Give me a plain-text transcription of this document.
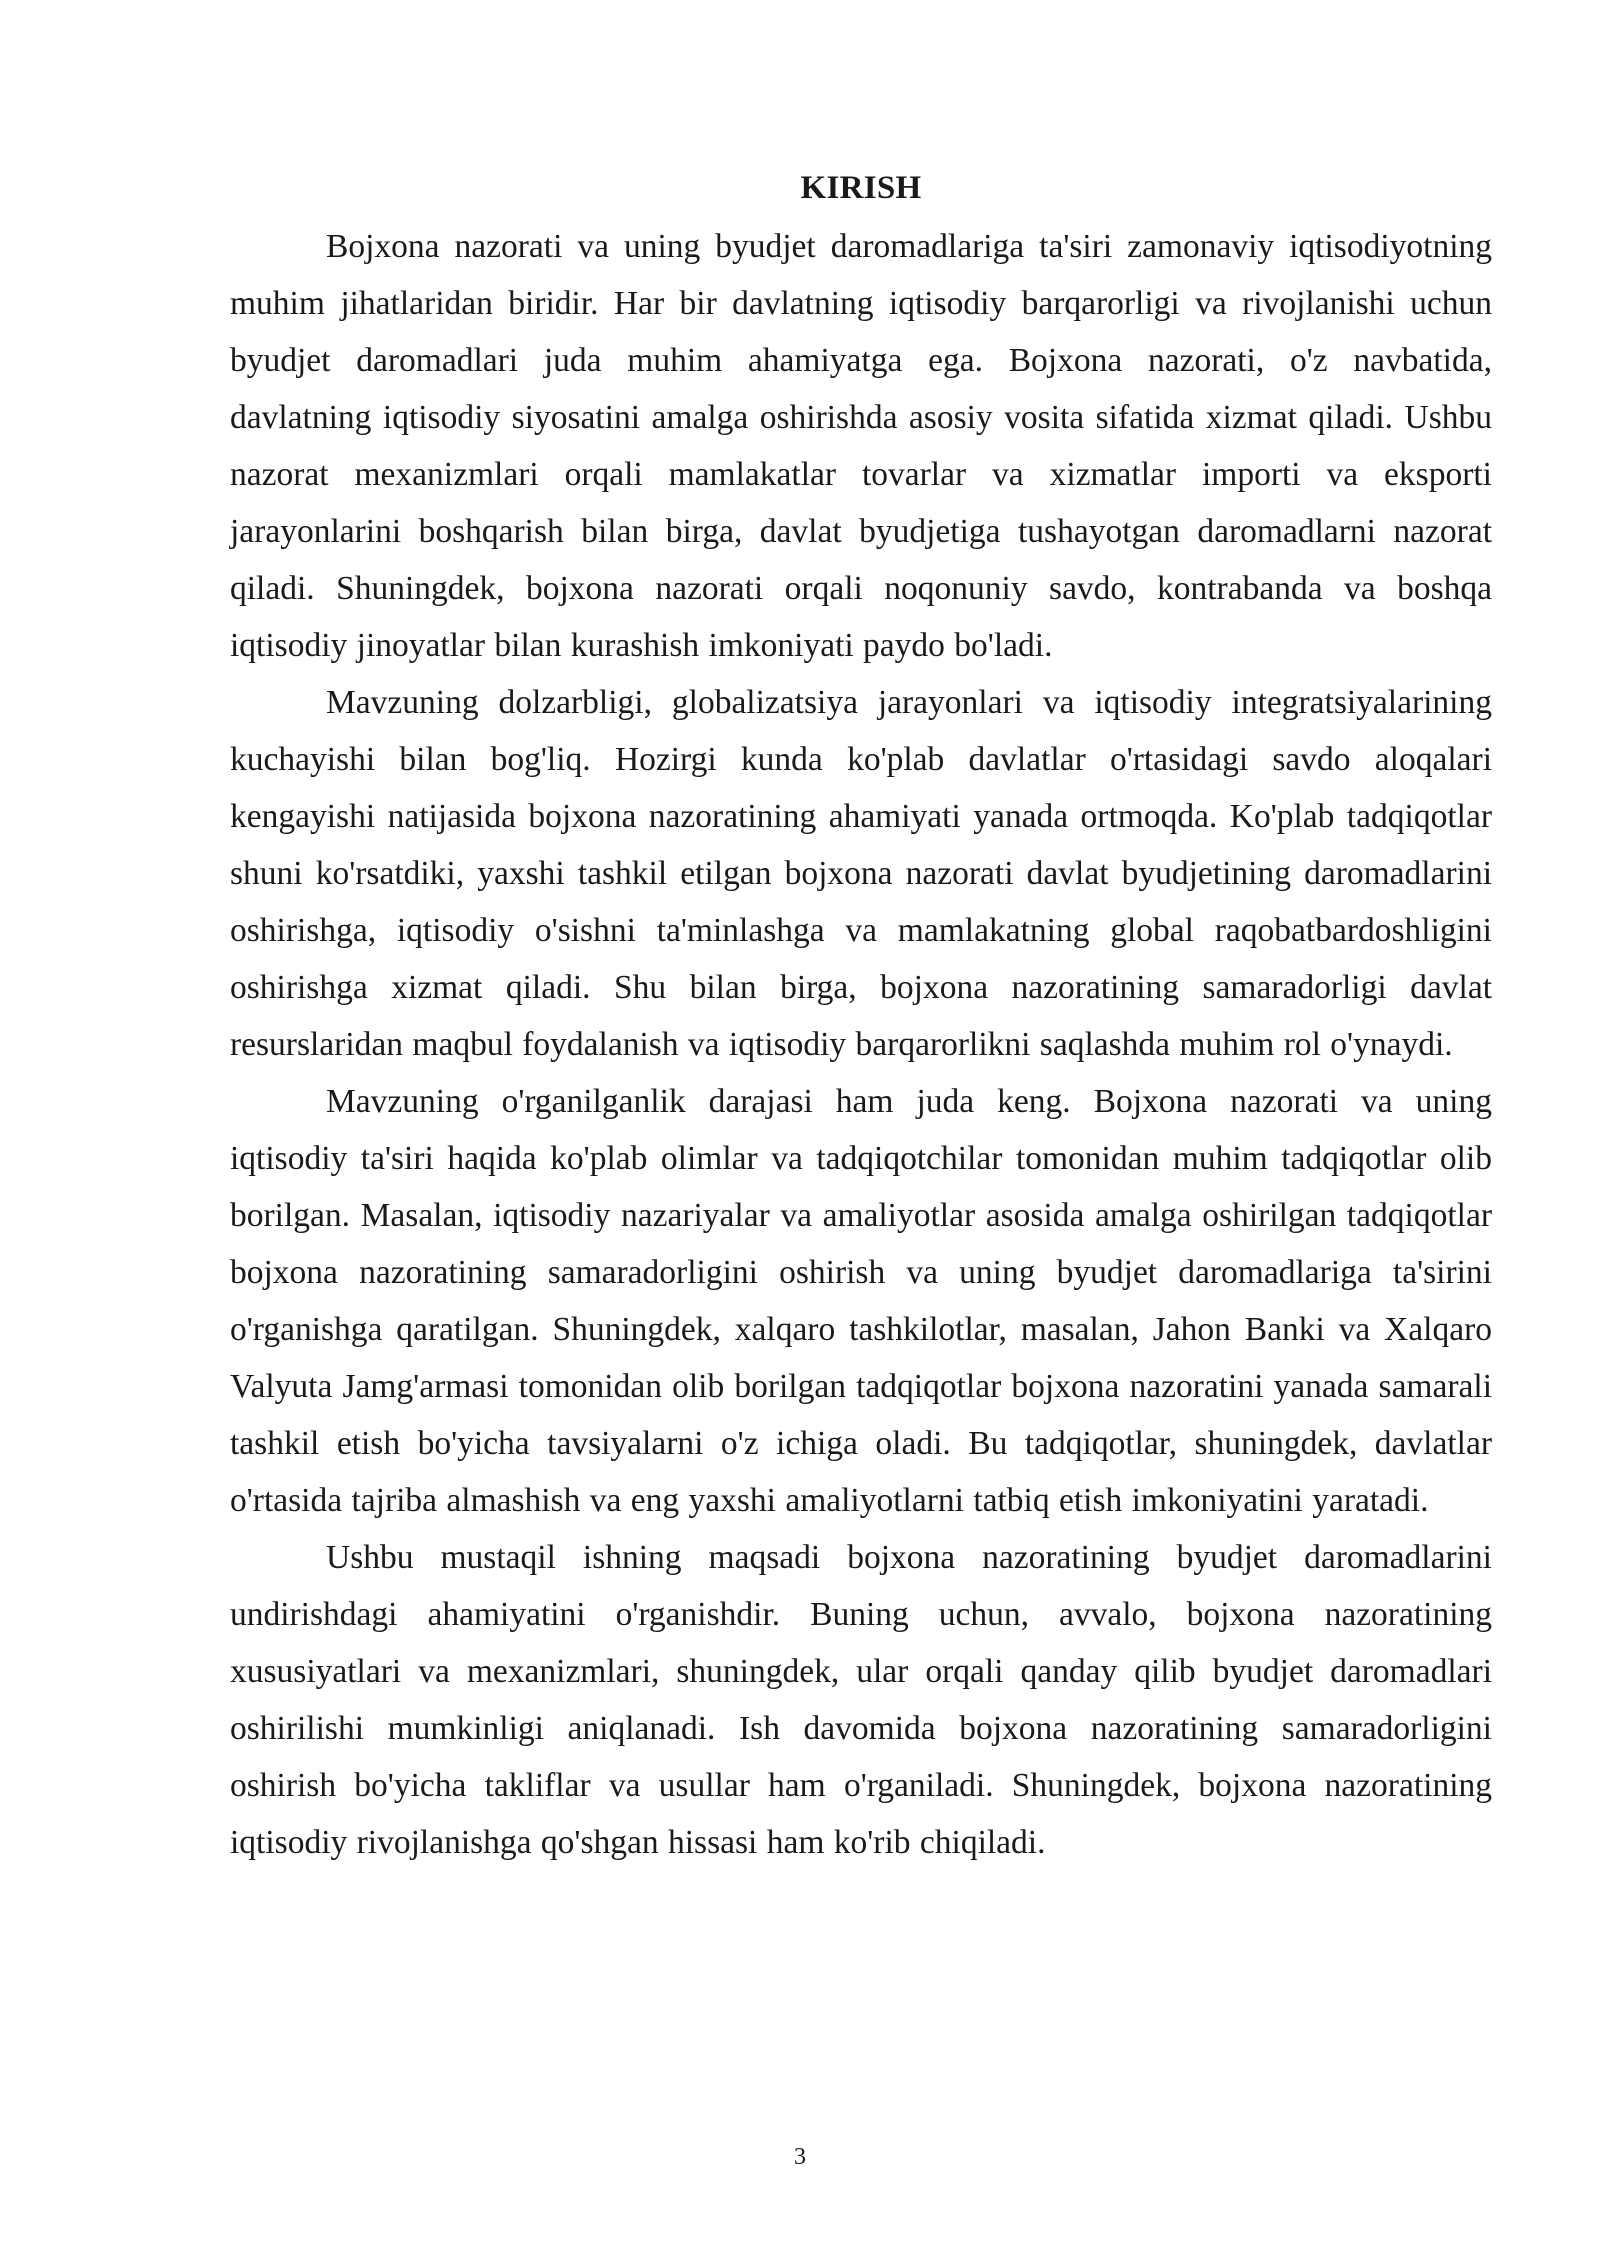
KIRISH

Bojxona nazorati va uning byudjet daromadlariga ta'siri zamonaviy iqtisodiyotning muhim jihatlaridan biridir. Har bir davlatning iqtisodiy barqarorligi va rivojlanishi uchun byudjet daromadlari juda muhim ahamiyatga ega. Bojxona nazorati, o'z navbatida, davlatning iqtisodiy siyosatini amalga oshirishda asosiy vosita sifatida xizmat qiladi. Ushbu nazorat mexanizmlari orqali mamlakatlar tovarlar va xizmatlar importi va eksporti jarayonlarini boshqarish bilan birga, davlat byudjetiga tushayotgan daromadlarni nazorat qiladi. Shuningdek, bojxona nazorati orqali noqonuniy savdo, kontrabanda va boshqa iqtisodiy jinoyatlar bilan kurashish imkoniyati paydo bo'ladi.

Mavzuning dolzarbligi, globalizatsiya jarayonlari va iqtisodiy integratsiyalarining kuchayishi bilan bog'liq. Hozirgi kunda ko'plab davlatlar o'rtasidagi savdo aloqalari kengayishi natijasida bojxona nazoratining ahamiyati yanada ortmoqda. Ko'plab tadqiqotlar shuni ko'rsatdiki, yaxshi tashkil etilgan bojxona nazorati davlat byudjetining daromadlarini oshirishga, iqtisodiy o'sishni ta'minlashga va mamlakatning global raqobatbardoshligini oshirishga xizmat qiladi. Shu bilan birga, bojxona nazoratining samaradorligi davlat resurslaridan maqbul foydalanish va iqtisodiy barqarorlikni saqlashda muhim rol o'ynaydi.

Mavzuning o'rganilganlik darajasi ham juda keng. Bojxona nazorati va uning iqtisodiy ta'siri haqida ko'plab olimlar va tadqiqotchilar tomonidan muhim tadqiqotlar olib borilgan. Masalan, iqtisodiy nazariyalar va amaliyotlar asosida amalga oshirilgan tadqiqotlar bojxona nazoratining samaradorligini oshirish va uning byudjet daromadlariga ta'sirini o'rganishga qaratilgan. Shuningdek, xalqaro tashkilotlar, masalan, Jahon Banki va Xalqaro Valyuta Jamg'armasi tomonidan olib borilgan tadqiqotlar bojxona nazoratini yanada samarali tashkil etish bo'yicha tavsiyalarni o'z ichiga oladi. Bu tadqiqotlar, shuningdek, davlatlar o'rtasida tajriba almashish va eng yaxshi amaliyotlarni tatbiq etish imkoniyatini yaratadi.

Ushbu mustaqil ishning maqsadi bojxona nazoratining byudjet daromadlarini undirishdagi ahamiyatini o'rganishdir. Buning uchun, avvalo, bojxona nazoratining xususiyatlari va mexanizmlari, shuningdek, ular orqali qanday qilib byudjet daromadlari oshirilishi mumkinligi aniqlanadi. Ish davomida bojxona nazoratining samaradorligini oshirish bo'yicha takliflar va usullar ham o'rganiladi. Shuningdek, bojxona nazoratining iqtisodiy rivojlanishga qo'shgan hissasi ham ko'rib chiqiladi.

3
